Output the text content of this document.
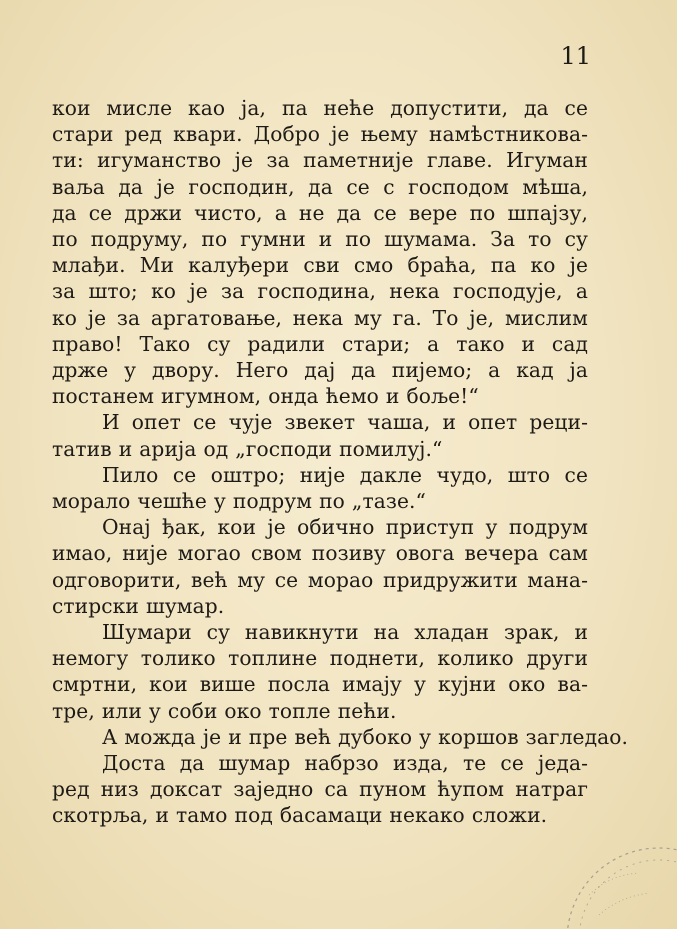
11

кои мисле као ја, па неће допустити, да се
стари ред квари. Добро је њему намѣстникова-
ти: игуманство је за паметније главе. Игуман
ваља да је господин, да се с господом мѣша,
да се држи чисто, а не да се вере по шпајзу,
по подруму, по гумни и по шумама. За то су
млађи. Ми калуђери сви смо браћа, па ко је
за што; ко је за господина, нека господује, а
ко је за аргатовање, нека му га. То је, мислим
право! Тако су радили стари; а тако и сад
држе у двору. Него дај да пијемо; а кад ја
постанем игумном, онда ћемо и боље!“

И опет се чује звекет чаша, и опет реци-
татив и арија од „господи помилуј.“

Пило се оштро; није дакле чудо, што се
морало чешће у подрум по „тазе.“

Онај ђак, кои је обично приступ у подрум
имао, није могао свом позиву овога вечера сам
одговорити, већ му се морао придружити мана-
стирски шумар.

Шумари су навикнути на хладан зрак, и
немогу толико топлине поднети, колико други
смртни, кои више посла имају у кујни око ва-
тре, или у соби око топле пећи.

А можда је и пре већ дубоко у коршов загледао.

Доста да шумар набрзо изда, те се једа-
ред низ доксат заједно са пуном ћупом натраг
скотрља, и тамо под басамаци некако сложи.
